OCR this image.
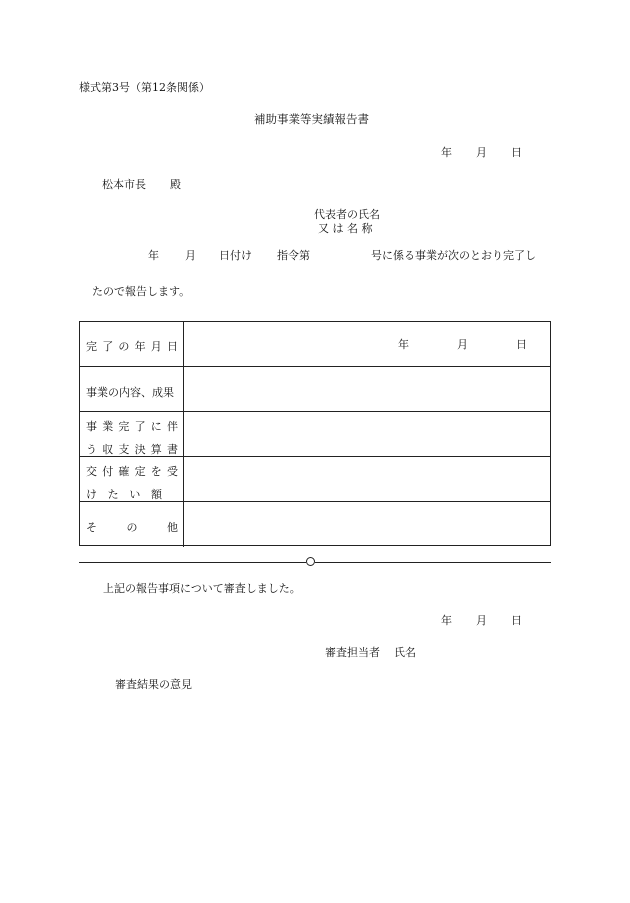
様式第3号（第12条関係）
補助事業等実績報告書
年 月 日
松本市長 殿
代表者の氏名
又 は 名 称
年 月 日付け 指令第	号に係る事業が次のとおり完了し
たので報告します。
完 了 の 年 月 日	年	月	日
事業の内容、成果
事 業 完 了 に 伴
う 収 支 決 算 書
交 付 確 定 を 受
け た い 額
そ	の	他
上記の報告事項について審査しました。
年 月 日
審査担当者 氏名
審査結果の意見
